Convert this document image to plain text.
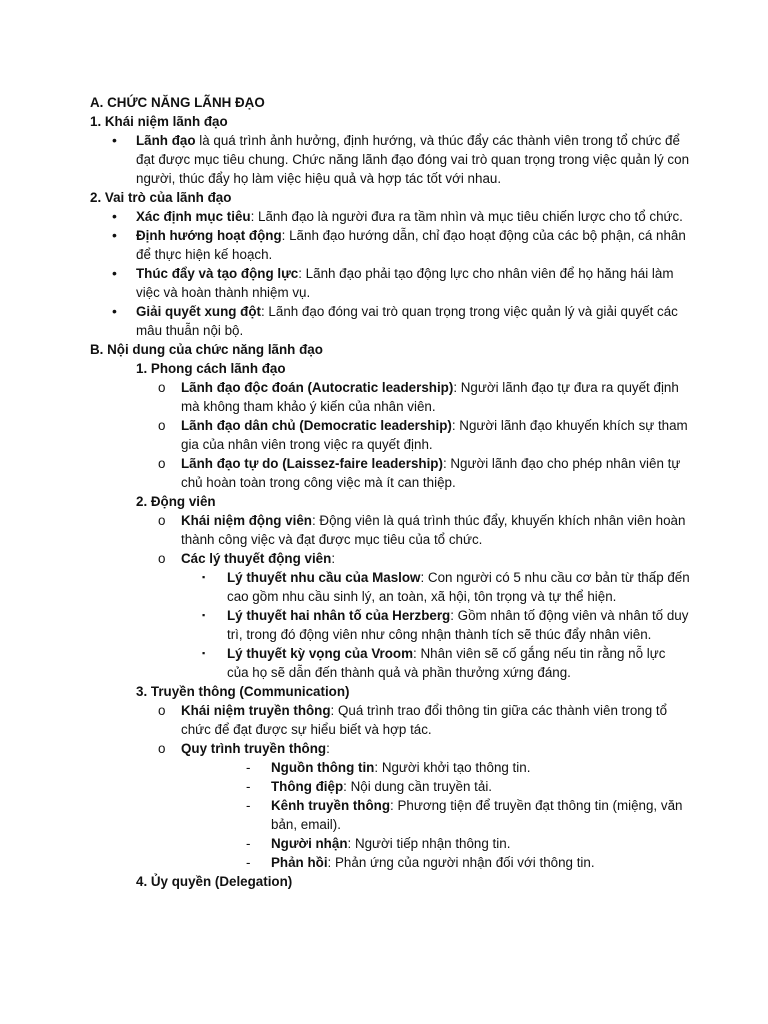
A. CHỨC NĂNG LÃNH ĐẠO

1. Khái niệm lãnh đạo

• Lãnh đạo là quá trình ảnh hưởng, định hướng, và thúc đẩy các thành viên trong tổ chức để đạt được mục tiêu chung. Chức năng lãnh đạo đóng vai trò quan trọng trong việc quản lý con người, thúc đẩy họ làm việc hiệu quả và hợp tác tốt với nhau.

2. Vai trò của lãnh đạo

• Xác định mục tiêu: Lãnh đạo là người đưa ra tầm nhìn và mục tiêu chiến lược cho tổ chức.
• Định hướng hoạt động: Lãnh đạo hướng dẫn, chỉ đạo hoạt động của các bộ phận, cá nhân để thực hiện kế hoạch.
• Thúc đẩy và tạo động lực: Lãnh đạo phải tạo động lực cho nhân viên để họ hăng hái làm việc và hoàn thành nhiệm vụ.
• Giải quyết xung đột: Lãnh đạo đóng vai trò quan trọng trong việc quản lý và giải quyết các mâu thuẫn nội bộ.

B. Nội dung của chức năng lãnh đạo

1. Phong cách lãnh đạo

o Lãnh đạo độc đoán (Autocratic leadership): Người lãnh đạo tự đưa ra quyết định mà không tham khảo ý kiến của nhân viên.
o Lãnh đạo dân chủ (Democratic leadership): Người lãnh đạo khuyến khích sự tham gia của nhân viên trong việc ra quyết định.
o Lãnh đạo tự do (Laissez-faire leadership): Người lãnh đạo cho phép nhân viên tự chủ hoàn toàn trong công việc mà ít can thiệp.

2. Động viên

o Khái niệm động viên: Động viên là quá trình thúc đẩy, khuyến khích nhân viên hoàn thành công việc và đạt được mục tiêu của tổ chức.
o Các lý thuyết động viên:
▪ Lý thuyết nhu cầu của Maslow: Con người có 5 nhu cầu cơ bản từ thấp đến cao gồm nhu cầu sinh lý, an toàn, xã hội, tôn trọng và tự thể hiện.
▪ Lý thuyết hai nhân tố của Herzberg: Gồm nhân tố động viên và nhân tố duy trì, trong đó động viên như công nhận thành tích sẽ thúc đẩy nhân viên.
▪ Lý thuyết kỳ vọng của Vroom: Nhân viên sẽ cố gắng nếu tin rằng nỗ lực của họ sẽ dẫn đến thành quả và phần thưởng xứng đáng.

3. Truyền thông (Communication)

o Khái niệm truyền thông: Quá trình trao đổi thông tin giữa các thành viên trong tổ chức để đạt được sự hiểu biết và hợp tác.
o Quy trình truyền thông:
- Nguồn thông tin: Người khởi tạo thông tin.
- Thông điệp: Nội dung cần truyền tải.
- Kênh truyền thông: Phương tiện để truyền đạt thông tin (miệng, văn bản, email).
- Người nhận: Người tiếp nhận thông tin.
- Phản hồi: Phản ứng của người nhận đối với thông tin.

4. Ủy quyền (Delegation)
